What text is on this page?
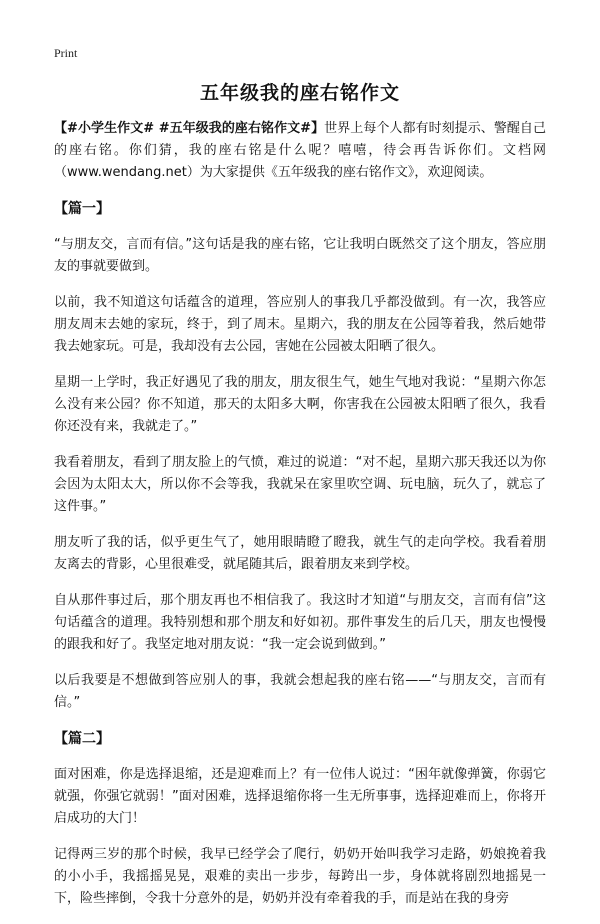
Print
五年级我的座右铭作文

【#小学生作文# #五年级我的座右铭作文#】世界上每个人都有时刻提示、警醒自己的座右铭。你们猜，我的座右铭是什么呢？嘻嘻，待会再告诉你们。文档网（www.wendang.net）为大家提供《五年级我的座右铭作文》，欢迎阅读。

【篇一】

“与朋友交，言而有信。”这句话是我的座右铭，它让我明白既然交了这个朋友，答应朋友的事就要做到。

以前，我不知道这句话蕴含的道理，答应别人的事我几乎都没做到。有一次，我答应朋友周末去她的家玩，终于，到了周末。星期六，我的朋友在公园等着我，然后她带我去她家玩。可是，我却没有去公园，害她在公园被太阳晒了很久。

星期一上学时，我正好遇见了我的朋友，朋友很生气，她生气地对我说：“星期六你怎么没有来公园？你不知道，那天的太阳多大啊，你害我在公园被太阳晒了很久，我看你还没有来，我就走了。”

我看着朋友，看到了朋友脸上的气愤，难过的说道：“对不起，星期六那天我还以为你会因为太阳太大，所以你不会等我，我就呆在家里吹空调、玩电脑，玩久了，就忘了这件事。”

朋友听了我的话，似乎更生气了，她用眼睛瞪了瞪我，就生气的走向学校。我看着朋友离去的背影，心里很难受，就尾随其后，跟着朋友来到学校。

自从那件事过后，那个朋友再也不相信我了。我这时才知道“与朋友交，言而有信”这句话蕴含的道理。我特别想和那个朋友和好如初。那件事发生的后几天，朋友也慢慢的跟我和好了。我坚定地对朋友说：“我一定会说到做到。”

以后我要是不想做到答应别人的事，我就会想起我的座右铭——“与朋友交，言而有信。”

【篇二】

面对困难，你是选择退缩，还是迎难而上？有一位伟人说过：“困年就像弹簧，你弱它就强，你强它就弱！”面对困难，选择退缩你将一生无所事事，选择迎难而上，你将开启成功的大门！

记得两三岁的那个时候，我早已经学会了爬行，奶奶开始叫我学习走路，奶娘挽着我的小小手，我摇摇晃晃，艰难的卖出一步步，每跨出一步，身体就将剧烈地摇晃一下，险些摔倒，令我十分意外的是，奶奶并没有牵着我的手，而是站在我的身旁
